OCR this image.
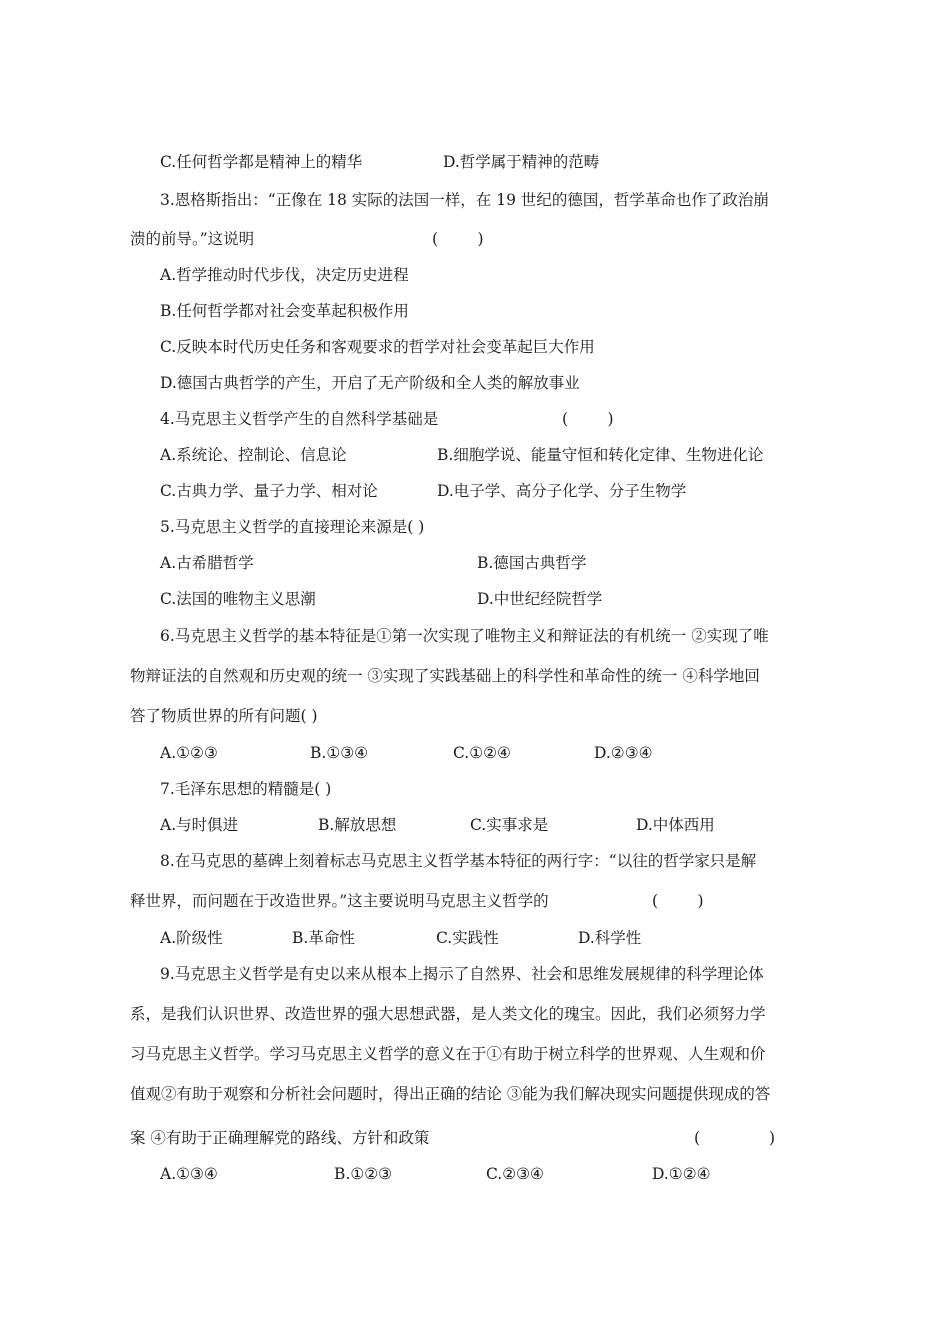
C.任何哲学都是精神上的精华	D.哲学属于精神的范畴
3.恩格斯指出：“正像在 18 实际的法国一样，在 19 世纪的德国，哲学革命也作了政治崩
溃的前导。”这说明	(        )
A.哲学推动时代步伐，决定历史进程
B.任何哲学都对社会变革起积极作用
C.反映本时代历史任务和客观要求的哲学对社会变革起巨大作用
D.德国古典哲学的产生，开启了无产阶级和全人类的解放事业
4.马克思主义哲学产生的自然科学基础是	(        )
A.系统论、控制论、信息论	B.细胞学说、能量守恒和转化定律、生物进化论
C.古典力学、量子力学、相对论	D.电子学、高分子化学、分子生物学
5.马克思主义哲学的直接理论来源是( )
A.古希腊哲学	B.德国古典哲学
C.法国的唯物主义思潮	D.中世纪经院哲学
6.马克思主义哲学的基本特征是①第一次实现了唯物主义和辩证法的有机统一 ②实现了唯
物辩证法的自然观和历史观的统一 ③实现了实践基础上的科学性和革命性的统一 ④科学地回
答了物质世界的所有问题( )
A.①②③	B.①③④	C.①②④	D.②③④
7.毛泽东思想的精髓是( )
A.与时俱进	B.解放思想	C.实事求是	D.中体西用
8.在马克思的墓碑上刻着标志马克思主义哲学基本特征的两行字：“以往的哲学家只是解
释世界，而问题在于改造世界。”这主要说明马克思主义哲学的	(        )
A.阶级性	B.革命性	C.实践性	D.科学性
9.马克思主义哲学是有史以来从根本上揭示了自然界、社会和思维发展规律的科学理论体
系，是我们认识世界、改造世界的强大思想武器，是人类文化的瑰宝。因此，我们必须努力学
习马克思主义哲学。学习马克思主义哲学的意义在于①有助于树立科学的世界观、人生观和价
值观②有助于观察和分析社会问题时，得出正确的结论 ③能为我们解决现实问题提供现成的答
案 ④有助于正确理解党的路线、方针和政策	(              )
A.①③④	B.①②③	C.②③④	D.①②④
